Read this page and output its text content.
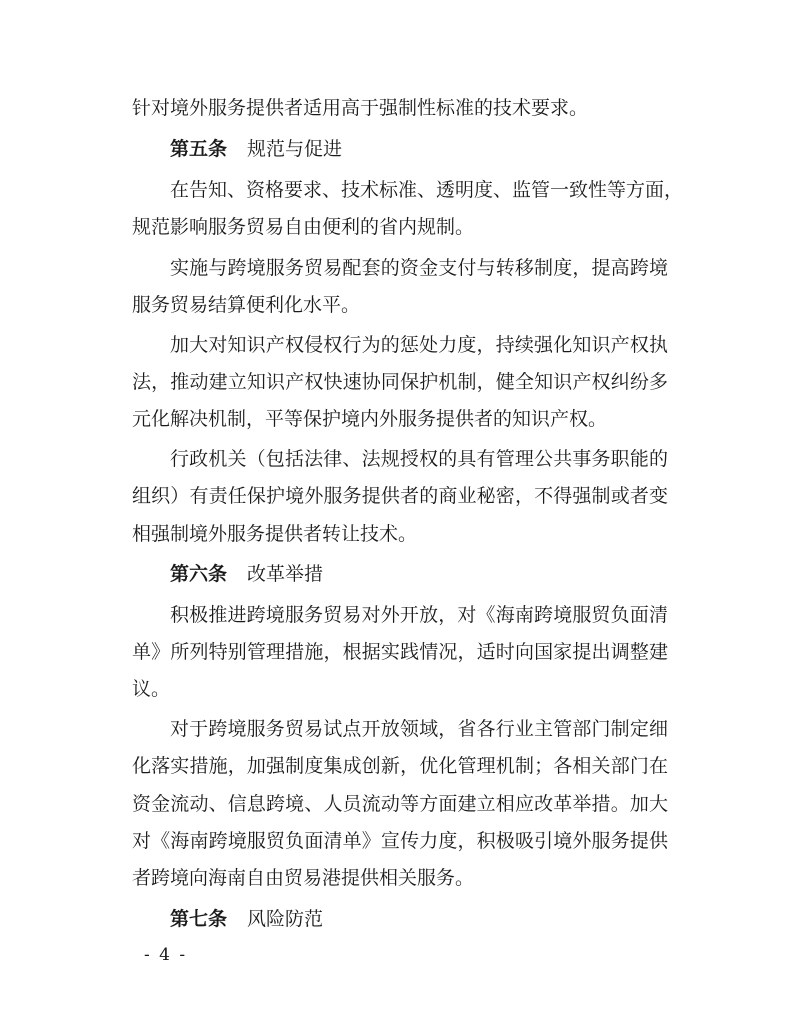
针对境外服务提供者适用高于强制性标准的技术要求。
第五条 规范与促进
在告知、资格要求、技术标准、透明度、监管一致性等方面，
规范影响服务贸易自由便利的省内规制。
实施与跨境服务贸易配套的资金支付与转移制度，提高跨境
服务贸易结算便利化水平。
加大对知识产权侵权行为的惩处力度，持续强化知识产权执
法，推动建立知识产权快速协同保护机制，健全知识产权纠纷多
元化解决机制，平等保护境内外服务提供者的知识产权。
行政机关（包括法律、法规授权的具有管理公共事务职能的
组织）有责任保护境外服务提供者的商业秘密，不得强制或者变
相强制境外服务提供者转让技术。
第六条 改革举措
积极推进跨境服务贸易对外开放，对《海南跨境服贸负面清
单》所列特别管理措施，根据实践情况，适时向国家提出调整建
议。
对于跨境服务贸易试点开放领域，省各行业主管部门制定细
化落实措施，加强制度集成创新，优化管理机制；各相关部门在
资金流动、信息跨境、人员流动等方面建立相应改革举措。加大
对《海南跨境服贸负面清单》宣传力度，积极吸引境外服务提供
者跨境向海南自由贸易港提供相关服务。
第七条 风险防范
- 4 -
